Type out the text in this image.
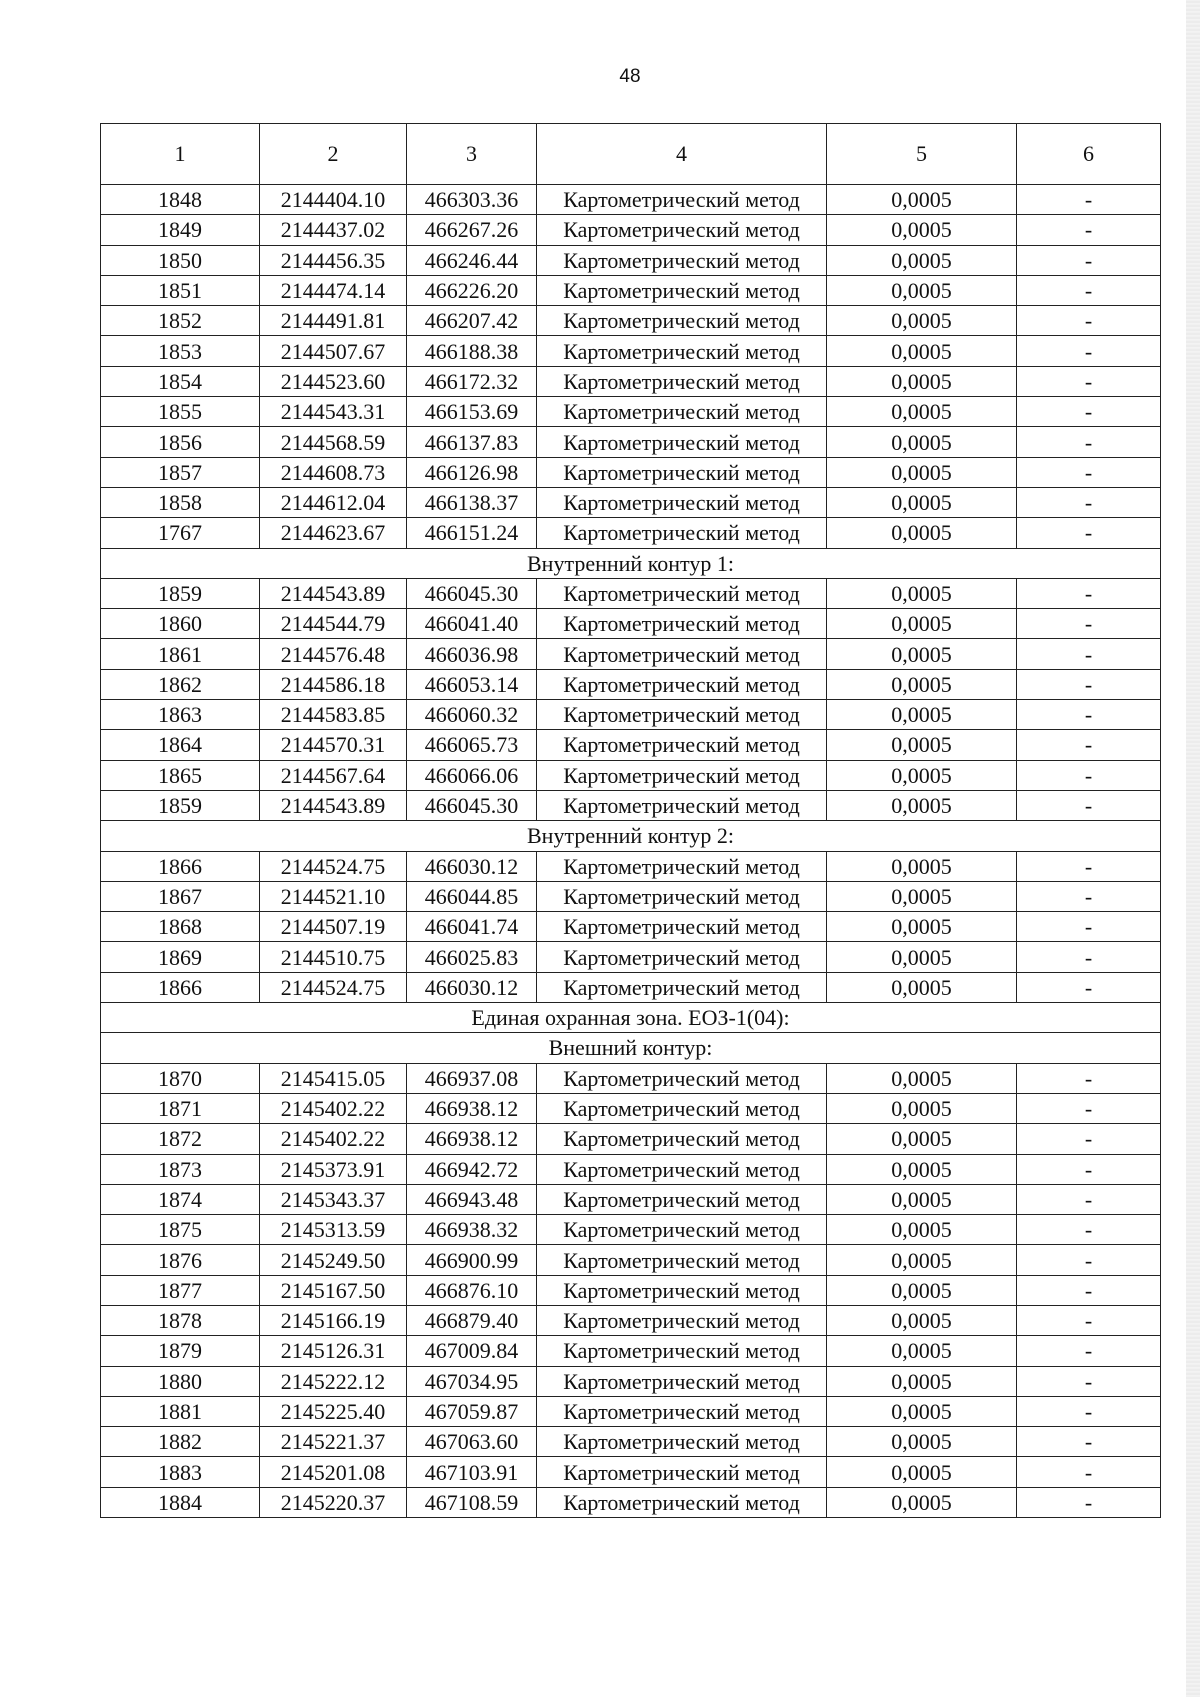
48
1	2	3	4	5	6
1848	2144404.10	466303.36	Картометрический метод	0,0005	-
1849	2144437.02	466267.26	Картометрический метод	0,0005	-
1850	2144456.35	466246.44	Картометрический метод	0,0005	-
1851	2144474.14	466226.20	Картометрический метод	0,0005	-
1852	2144491.81	466207.42	Картометрический метод	0,0005	-
1853	2144507.67	466188.38	Картометрический метод	0,0005	-
1854	2144523.60	466172.32	Картометрический метод	0,0005	-
1855	2144543.31	466153.69	Картометрический метод	0,0005	-
1856	2144568.59	466137.83	Картометрический метод	0,0005	-
1857	2144608.73	466126.98	Картометрический метод	0,0005	-
1858	2144612.04	466138.37	Картометрический метод	0,0005	-
1767	2144623.67	466151.24	Картометрический метод	0,0005	-
Внутренний контур 1:					
1859	2144543.89	466045.30	Картометрический метод	0,0005	-
1860	2144544.79	466041.40	Картометрический метод	0,0005	-
1861	2144576.48	466036.98	Картометрический метод	0,0005	-
1862	2144586.18	466053.14	Картометрический метод	0,0005	-
1863	2144583.85	466060.32	Картометрический метод	0,0005	-
1864	2144570.31	466065.73	Картометрический метод	0,0005	-
1865	2144567.64	466066.06	Картометрический метод	0,0005	-
1859	2144543.89	466045.30	Картометрический метод	0,0005	-
Внутренний контур 2:					
1866	2144524.75	466030.12	Картометрический метод	0,0005	-
1867	2144521.10	466044.85	Картометрический метод	0,0005	-
1868	2144507.19	466041.74	Картометрический метод	0,0005	-
1869	2144510.75	466025.83	Картометрический метод	0,0005	-
1866	2144524.75	466030.12	Картометрический метод	0,0005	-
Единая охранная зона. ЕОЗ-1(04):					
Внешний контур:					
1870	2145415.05	466937.08	Картометрический метод	0,0005	-
1871	2145402.22	466938.12	Картометрический метод	0,0005	-
1872	2145402.22	466938.12	Картометрический метод	0,0005	-
1873	2145373.91	466942.72	Картометрический метод	0,0005	-
1874	2145343.37	466943.48	Картометрический метод	0,0005	-
1875	2145313.59	466938.32	Картометрический метод	0,0005	-
1876	2145249.50	466900.99	Картометрический метод	0,0005	-
1877	2145167.50	466876.10	Картометрический метод	0,0005	-
1878	2145166.19	466879.40	Картометрический метод	0,0005	-
1879	2145126.31	467009.84	Картометрический метод	0,0005	-
1880	2145222.12	467034.95	Картометрический метод	0,0005	-
1881	2145225.40	467059.87	Картометрический метод	0,0005	-
1882	2145221.37	467063.60	Картометрический метод	0,0005	-
1883	2145201.08	467103.91	Картометрический метод	0,0005	-
1884	2145220.37	467108.59	Картометрический метод	0,0005	-
